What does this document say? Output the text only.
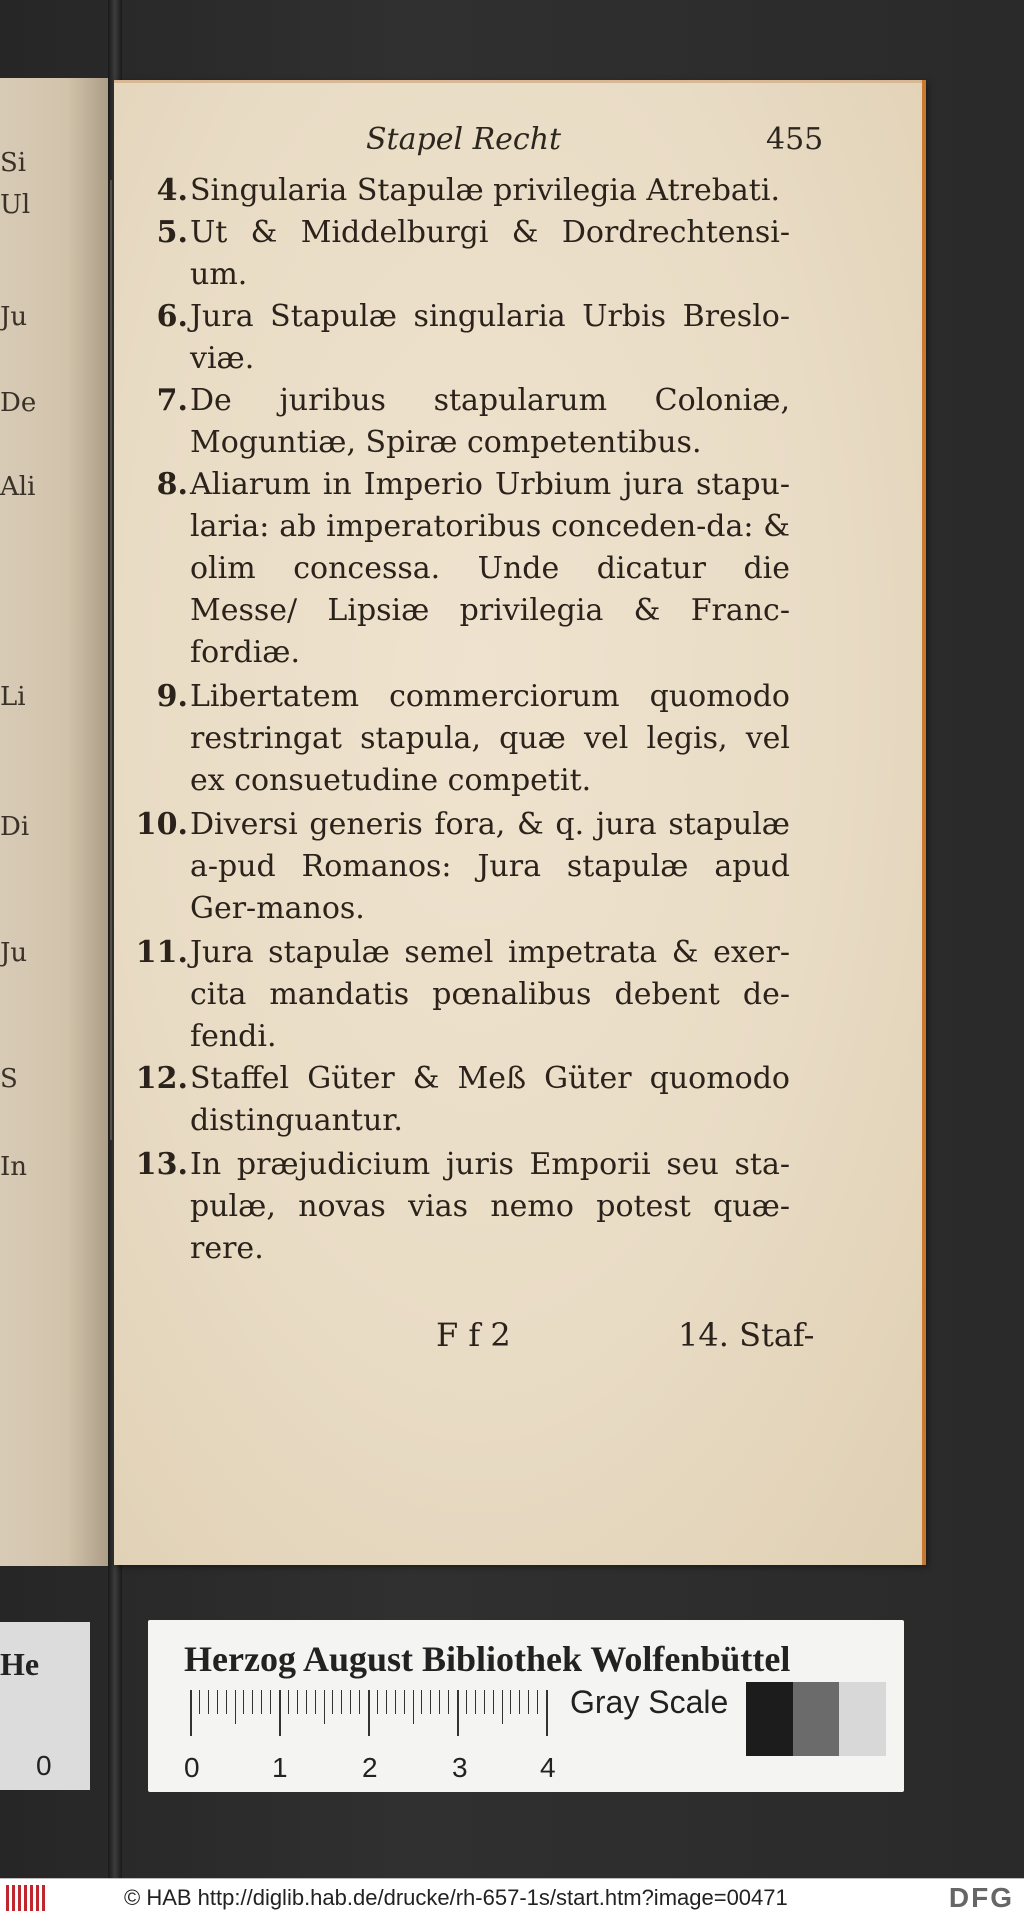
Si
Ul
Ju
De
Ali
Li
Di
Ju
S
In
Stapel Recht	455
4. Singularia Stapulæ privilegia Atrebati.
5. Ut & Middelburgi & Dordrechtensi-um.
6. Jura Stapulæ singularia Urbis Breslo-viæ.
7. De juribus stapularum Coloniæ, Moguntiæ, Spiræ competentibus.
8. Aliarum in Imperio Urbium jura stapu-laria: ab imperatoribus conceden-da: & olim concessa. Unde dicatur die Messe/ Lipsiæ privilegia & Franc-fordiæ.
9. Libertatem commerciorum quomodo restringat stapula, quæ vel legis, vel ex consuetudine competit.
10. Diversi generis fora, & q. jura stapulæ a-pud Romanos: Jura stapulæ apud Ger-manos.
11. Jura stapulæ semel impetrata & exer-cita mandatis pœnalibus debent de-fendi.
12. Staffel Güter & Meß Güter quomodo distinguantur.
13. In præjudicium juris Emporii seu sta-pulæ, novas vias nemo potest quæ-rere.
F f 2	14. Staf-
He
0
Herzog August Bibliothek Wolfenbüttel
0	1	2	3	4
Gray Scale
© HAB http://diglib.hab.de/drucke/rh-657-1s/start.htm?image=00471	DFG
